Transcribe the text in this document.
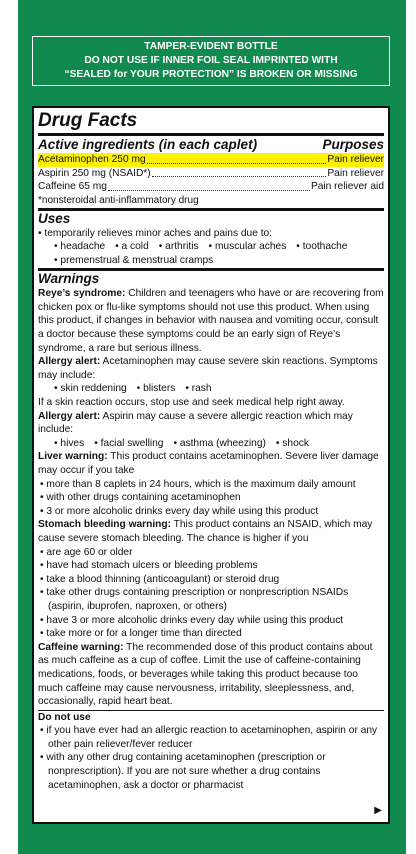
TAMPER-EVIDENT BOTTLE
DO NOT USE IF INNER FOIL SEAL IMPRINTED WITH
“SEALED for YOUR PROTECTION” IS BROKEN OR MISSING
Drug Facts
Active ingredients (in each caplet)	Purposes
Acetaminophen 250 mg	Pain reliever
Aspirin 250 mg (NSAID*)	Pain reliever
Caffeine 65 mg	Pain reliever aid
*nonsteroidal anti-inflammatory drug
Uses
• temporarily relieves minor aches and pains due to:
• headache • a cold • arthritis • muscular aches • toothache
• premenstrual & menstrual cramps
Warnings
Reye’s syndrome: Children and teenagers who have or are recovering from chicken pox or flu-like symptoms should not use this product. When using this product, if changes in behavior with nausea and vomiting occur, consult a doctor because these symptoms could be an early sign of Reye’s syndrome, a rare but serious illness.
Allergy alert: Acetaminophen may cause severe skin reactions. Symptoms may include:
• skin reddening • blisters • rash
If a skin reaction occurs, stop use and seek medical help right away.
Allergy alert: Aspirin may cause a severe allergic reaction which may include:
• hives • facial swelling • asthma (wheezing) • shock
Liver warning: This product contains acetaminophen. Severe liver damage may occur if you take
• more than 8 caplets in 24 hours, which is the maximum daily amount
• with other drugs containing acetaminophen
• 3 or more alcoholic drinks every day while using this product
Stomach bleeding warning: This product contains an NSAID, which may cause severe stomach bleeding. The chance is higher if you
• are age 60 or older
• have had stomach ulcers or bleeding problems
• take a blood thinning (anticoagulant) or steroid drug
• take other drugs containing prescription or nonprescription NSAIDs (aspirin, ibuprofen, naproxen, or others)
• have 3 or more alcoholic drinks every day while using this product
• take more or for a longer time than directed
Caffeine warning: The recommended dose of this product contains about as much caffeine as a cup of coffee. Limit the use of caffeine-containing medications, foods, or beverages while taking this product because too much caffeine may cause nervousness, irritability, sleeplessness, and, occasionally, rapid heart beat.
Do not use
• if you have ever had an allergic reaction to acetaminophen, aspirin or any other pain reliever/fever reducer
• with any other drug containing acetaminophen (prescription or nonprescription). If you are not sure whether a drug contains acetaminophen, ask a doctor or pharmacist
▶
